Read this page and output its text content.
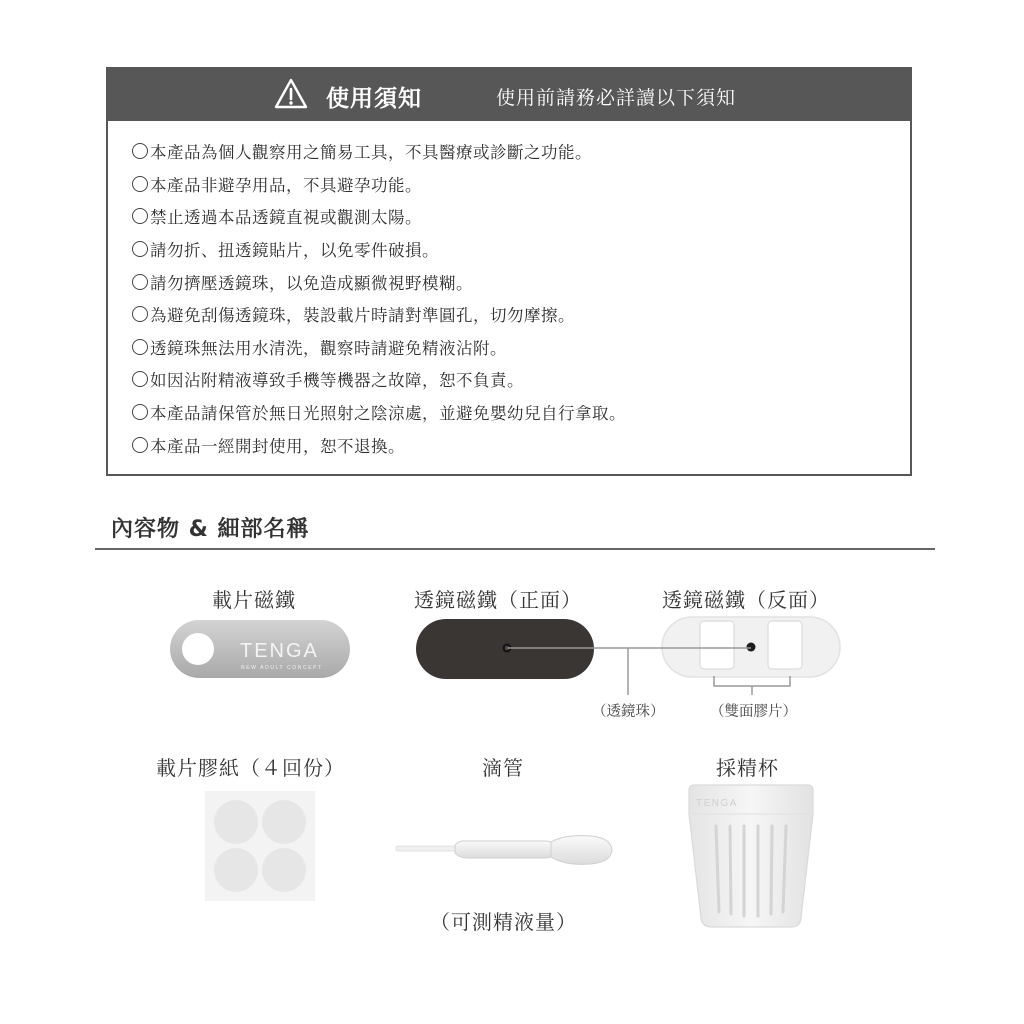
使用須知	使用前請務必詳讀以下須知
本產品為個人觀察用之簡易工具，不具醫療或診斷之功能。
本產品非避孕用品，不具避孕功能。
禁止透過本品透鏡直視或觀測太陽。
請勿折、扭透鏡貼片，以免零件破損。
請勿擠壓透鏡珠，以免造成顯微視野模糊。
為避免刮傷透鏡珠，裝設載片時請對準圓孔，切勿摩擦。
透鏡珠無法用水清洗，觀察時請避免精液沾附。
如因沾附精液導致手機等機器之故障，恕不負責。
本產品請保管於無日光照射之陰涼處，並避免嬰幼兒自行拿取。
本產品一經開封使用，恕不退換。
內容物 & 細部名稱
載片磁鐵	透鏡磁鐵（正面）	透鏡磁鐵（反面）
TENGA
NEW ADULT CONCEPT
（透鏡珠）	（雙面膠片）
載片膠紙（４回份）	滴管	採精杯
（可測精液量）
TENGA
